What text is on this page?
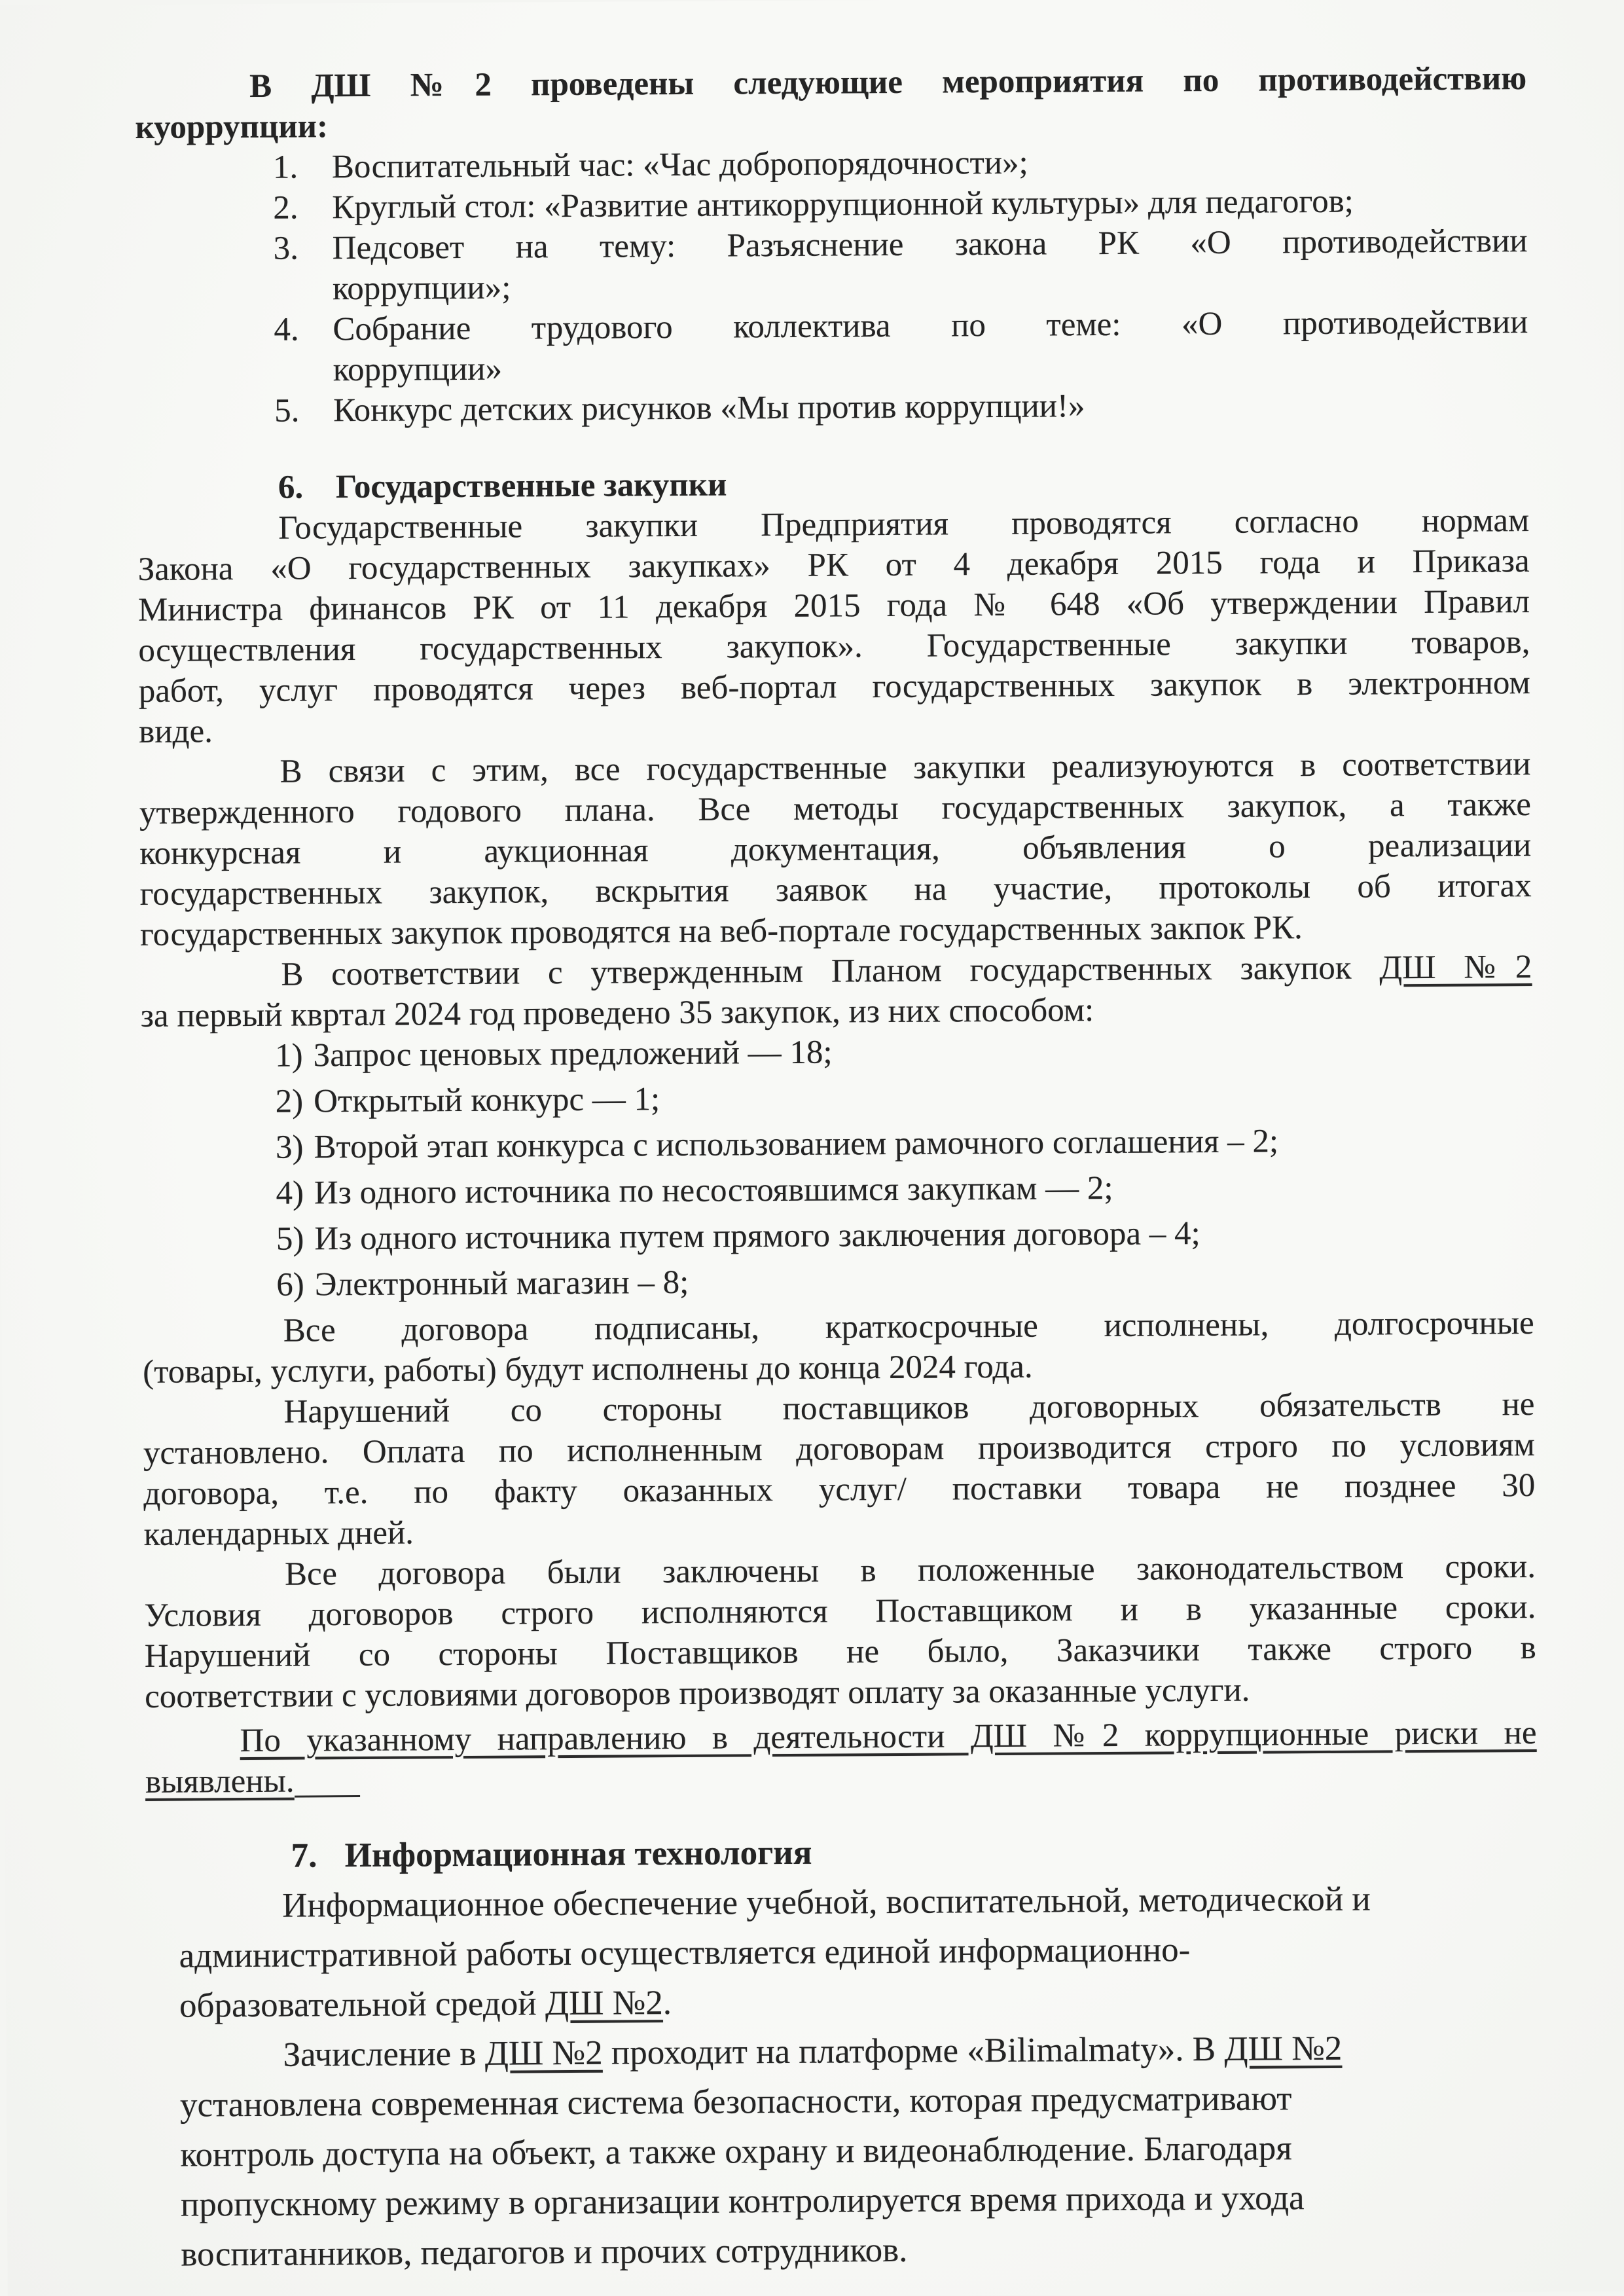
В ДШ №2 проведены следующие мероприятия по противодействию
куоррупции:
1.	Воспитательный час: «Час добропорядочности»;
2.	Круглый стол: «Развитие антикоррупционной культуры» для педагогов;
3.	Педсовет на тему: Разъяснение закона РК «О противодействии
коррупции»;
4.	Собрание трудового коллектива по теме: «О противодействии
коррупции»
5.	Конкурс детских рисунков «Мы против коррупции!»
6. Государственные закупки
Государственные закупки Предприятия проводятся согласно нормам
Закона «О государственных закупках» РК от 4 декабря 2015 года и Приказа
Министра финансов РК от 11 декабря 2015 года № 648 «Об утверждении Правил
осуществления государственных закупок». Государственные закупки товаров,
работ, услуг проводятся через веб-портал государственных закупок в электронном
виде.
В связи с этим, все государственные закупки реализуюуются в соответствии
утвержденного годового плана. Все методы государственных закупок, а также
конкурсная и аукционная документация, объявления о реализации
государственных закупок, вскрытия заявок на участие, протоколы об итогах
государственных закупок проводятся на веб-портале государственных закпок РК.
В соответствии с утвержденным Планом государственных закупок ДШ №2
за первый квртал 2024 год проведено 35 закупок, из них способом:
1) Запрос ценовых предложений — 18;
2) Открытый конкурс — 1;
3) Второй этап конкурса с использованием рамочного соглашения – 2;
4) Из одного источника по несостоявшимся закупкам — 2;
5) Из одного источника путем прямого заключения договора – 4;
6) Электронный магазин – 8;
Все договора подписаны, краткосрочные исполнены, долгосрочные
(товары, услуги, работы) будут исполнены до конца 2024 года.
Нарушений со стороны поставщиков договорных обязательств не
установлено. Оплата по исполненным договорам производится строго по условиям
договора, т.е. по факту оказанных услуг/ поставки товара не позднее 30
календарных дней.
Все договора были заключены в положенные законодательством сроки.
Условия договоров строго исполняются Поставщиком и в указанные сроки.
Нарушений со стороны Поставщиков не было, Заказчики также строго в
соответствии с условиями договоров производят оплату за оказанные услуги.
По указанному направлению в деятельности ДШ №2 коррупционные риски не
выявлены.
7. Информационная технология
Информационное обеспечение учебной, воспитательной, методической и
административной работы осуществляется единой информационно-
образовательной средой ДШ №2.
Зачисление в ДШ №2 проходит на платформе «Bilimalmaty». В ДШ №2
установлена современная система безопасности, которая предусматривают
контроль доступа на объект, а также охрану и видеонаблюдение. Благодаря
пропускному режиму в организации контролируется время прихода и ухода
воспитанников, педагогов и прочих сотрудников.
